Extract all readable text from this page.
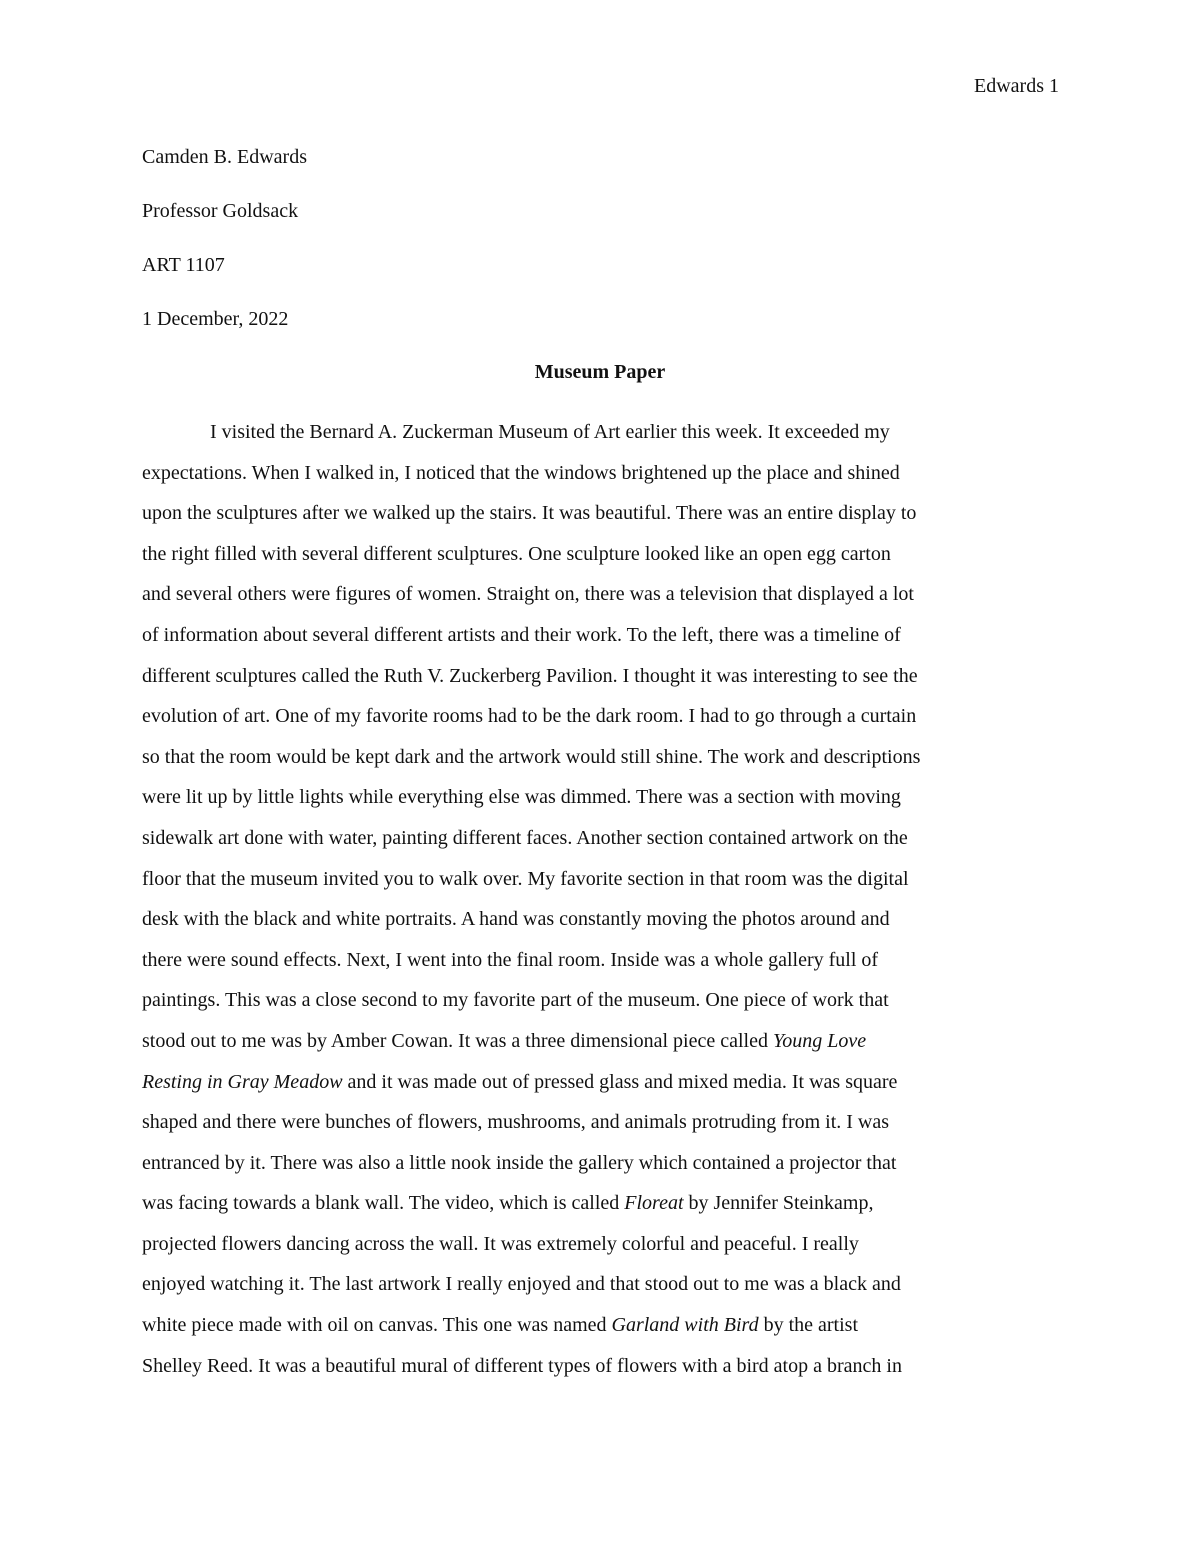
Edwards 1
Camden B. Edwards
Professor Goldsack
ART 1107
1 December, 2022
Museum Paper
I visited the Bernard A. Zuckerman Museum of Art earlier this week. It exceeded my
expectations. When I walked in, I noticed that the windows brightened up the place and shined
upon the sculptures after we walked up the stairs. It was beautiful. There was an entire display to
the right filled with several different sculptures. One sculpture looked like an open egg carton
and several others were figures of women. Straight on, there was a television that displayed a lot
of information about several different artists and their work. To the left, there was a timeline of
different sculptures called the Ruth V. Zuckerberg Pavilion. I thought it was interesting to see the
evolution of art. One of my favorite rooms had to be the dark room. I had to go through a curtain
so that the room would be kept dark and the artwork would still shine. The work and descriptions
were lit up by little lights while everything else was dimmed. There was a section with moving
sidewalk art done with water, painting different faces. Another section contained artwork on the
floor that the museum invited you to walk over. My favorite section in that room was the digital
desk with the black and white portraits. A hand was constantly moving the photos around and
there were sound effects. Next, I went into the final room. Inside was a whole gallery full of
paintings. This was a close second to my favorite part of the museum. One piece of work that
stood out to me was by Amber Cowan. It was a three dimensional piece called Young Love
Resting in Gray Meadow and it was made out of pressed glass and mixed media. It was square
shaped and there were bunches of flowers, mushrooms, and animals protruding from it. I was
entranced by it. There was also a little nook inside the gallery which contained a projector that
was facing towards a blank wall. The video, which is called Floreat by Jennifer Steinkamp,
projected flowers dancing across the wall. It was extremely colorful and peaceful. I really
enjoyed watching it. The last artwork I really enjoyed and that stood out to me was a black and
white piece made with oil on canvas. This one was named Garland with Bird by the artist
Shelley Reed. It was a beautiful mural of different types of flowers with a bird atop a branch in
